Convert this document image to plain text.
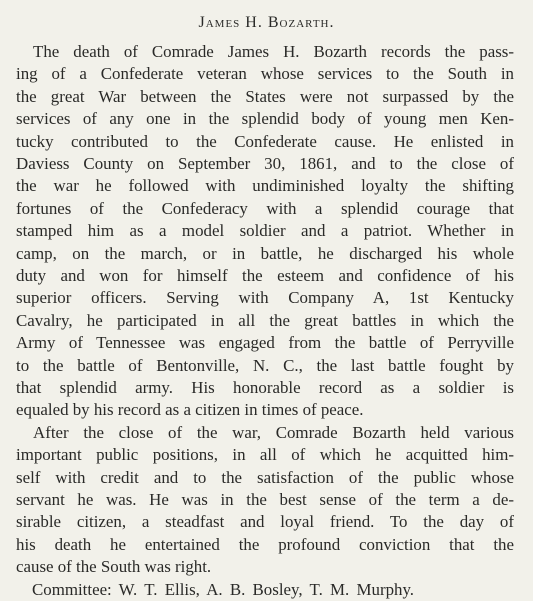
James H. Bozarth.
The death of Comrade James H. Bozarth records the pass-
ing of a Confederate veteran whose services to the South in
the great War between the States were not surpassed by the
services of any one in the splendid body of young men Ken-
tucky contributed to the Confederate cause. He enlisted in
Daviess County on September 30, 1861, and to the close of
the war he followed with undiminished loyalty the shifting
fortunes of the Confederacy with a splendid courage that
stamped him as a model soldier and a patriot. Whether in
camp, on the march, or in battle, he discharged his whole
duty and won for himself the esteem and confidence of his
superior officers. Serving with Company A, 1st Kentucky
Cavalry, he participated in all the great battles in which the
Army of Tennessee was engaged from the battle of Perryville
to the battle of Bentonville, N. C., the last battle fought by
that splendid army. His honorable record as a soldier is
equaled by his record as a citizen in times of peace.
After the close of the war, Comrade Bozarth held various
important public positions, in all of which he acquitted him-
self with credit and to the satisfaction of the public whose
servant he was. He was in the best sense of the term a de-
sirable citizen, a steadfast and loyal friend. To the day of
his death he entertained the profound conviction that the
cause of the South was right.
Committee: W. T. Ellis, A. B. Bosley, T. M. Murphy.
